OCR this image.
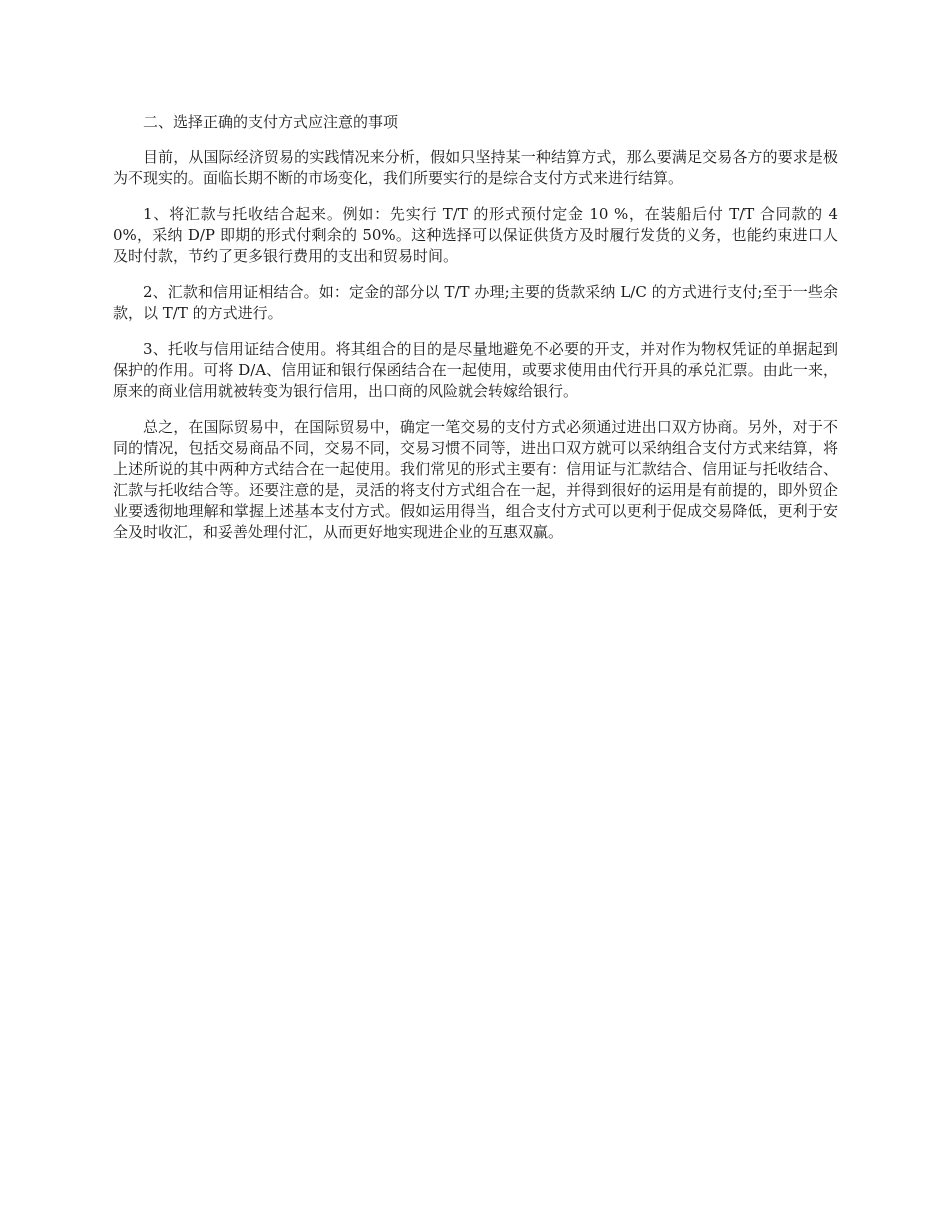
二、选择正确的支付方式应注意的事项

目前，从国际经济贸易的实践情况来分析，假如只坚持某一种结算方式，那么要满足交易各方的要求是极为不现实的。面临长期不断的市场变化，我们所要实行的是综合支付方式来进行结算。

1、将汇款与托收结合起来。例如：先实行 T/T 的形式预付定金 10 %，在装船后付 T/T 合同款的 40%，采纳 D/P 即期的形式付剩余的 50%。这种选择可以保证供货方及时履行发货的义务，也能约束进口人及时付款，节约了更多银行费用的支出和贸易时间。

2、汇款和信用证相结合。如：定金的部分以 T/T 办理;主要的货款采纳 L/C 的方式进行支付;至于一些余款，以 T/T 的方式进行。

3、托收与信用证结合使用。将其组合的目的是尽量地避免不必要的开支，并对作为物权凭证的单据起到保护的作用。可将 D/A、信用证和银行保函结合在一起使用，或要求使用由代行开具的承兑汇票。由此一来，原来的商业信用就被转变为银行信用，出口商的风险就会转嫁给银行。

总之，在国际贸易中，在国际贸易中，确定一笔交易的支付方式必须通过进出口双方协商。另外，对于不同的情况，包括交易商品不同，交易不同，交易习惯不同等，进出口双方就可以采纳组合支付方式来结算，将上述所说的其中两种方式结合在一起使用。我们常见的形式主要有：信用证与汇款结合、信用证与托收结合、汇款与托收结合等。还要注意的是，灵活的将支付方式组合在一起，并得到很好的运用是有前提的，即外贸企业要透彻地理解和掌握上述基本支付方式。假如运用得当，组合支付方式可以更利于促成交易降低，更利于安全及时收汇，和妥善处理付汇，从而更好地实现进企业的互惠双赢。
